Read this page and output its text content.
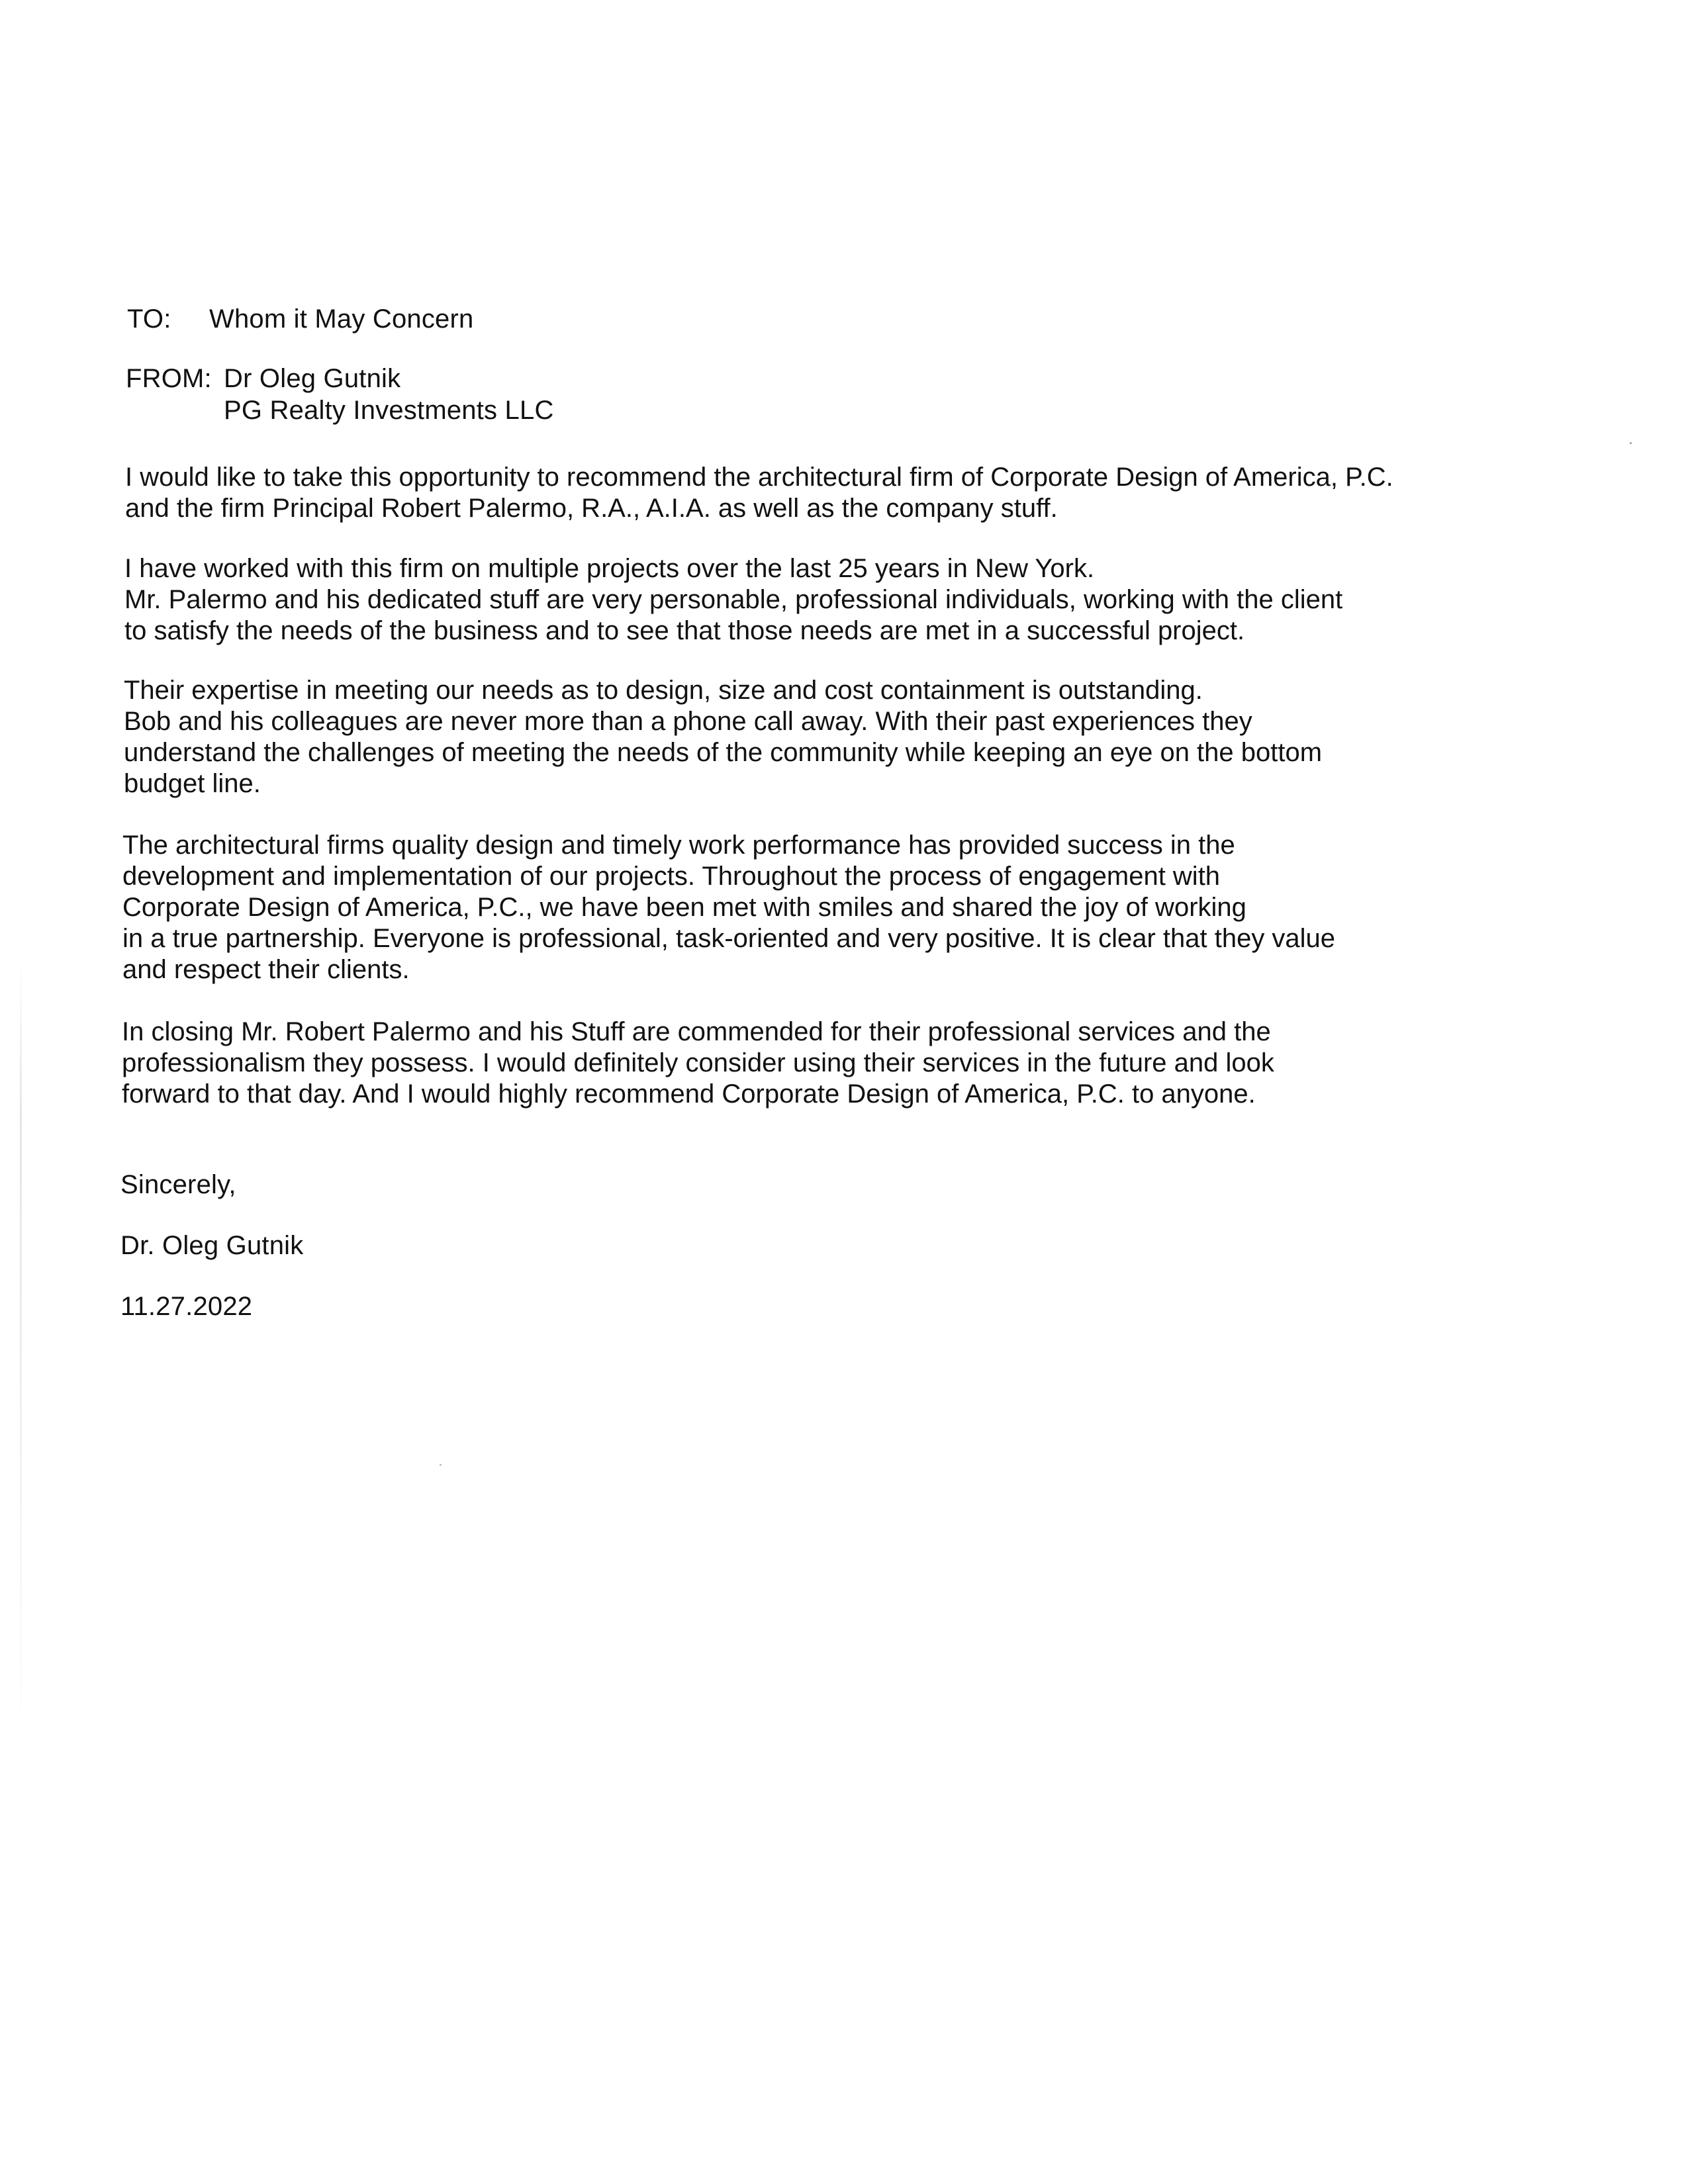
TO: Whom it May Concern
FROM: Dr Oleg Gutnik
PG Realty Investments LLC
I would like to take this opportunity to recommend the architectural firm of Corporate Design of America, P.C.
and the firm Principal Robert Palermo, R.A., A.I.A. as well as the company stuff.
I have worked with this firm on multiple projects over the last 25 years in New York.
Mr. Palermo and his dedicated stuff are very personable, professional individuals, working with the client
to satisfy the needs of the business and to see that those needs are met in a successful project.
Their expertise in meeting our needs as to design, size and cost containment is outstanding.
Bob and his colleagues are never more than a phone call away. With their past experiences they
understand the challenges of meeting the needs of the community while keeping an eye on the bottom
budget line.
The architectural firms quality design and timely work performance has provided success in the
development and implementation of our projects. Throughout the process of engagement with
Corporate Design of America, P.C., we have been met with smiles and shared the joy of working
in a true partnership. Everyone is professional, task-oriented and very positive. It is clear that they value
and respect their clients.
In closing Mr. Robert Palermo and his Stuff are commended for their professional services and the
professionalism they possess. I would definitely consider using their services in the future and look
forward to that day. And I would highly recommend Corporate Design of America, P.C. to anyone.
Sincerely,
Dr. Oleg Gutnik
11.27.2022
